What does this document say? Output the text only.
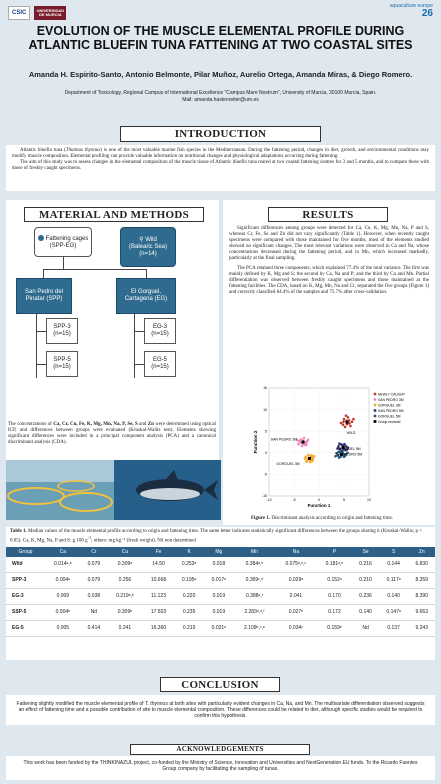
CSIC	UNIVERSIDAD DE MURCIA
aquaculture europe
26
EVOLUTION OF THE MUSCLE ELEMENTAL PROFILE DURING ATLANTIC BLUEFIN TUNA FATTENING AT TWO COASTAL SITES
Amanda H. Espirito-Santo, Antonio Belmonte, Pilar Muñoz, Aurelio Ortega, Amanda Miras, & Diego Romero.
Department of Toxicology, Regional Campus of International Excellence “Campus Mare Nostrum”, University of Murcia, 30100 Murcia, Spain.
Mail: amanda.hastenreiter@um.es
INTRODUCTION

Atlantic bluefin tuna (Thunnus thynnus) is one of the most valuable marine fish species in the Mediterranean. During the fattening period, changes in diet, growth, and environmental conditions may modify muscle composition. Elemental profiling can provide valuable information on nutritional changes and physiological adaptations occurring during fattening.

The aim of this study was to assess changes in the elemental composition of the muscle tissue of Atlantic bluefin tuna reared at two coastal fattening centres for 3 and 5 months, and to compare these with those of freshly caught specimens.

Fattening cages
(SPP-EG)
⚲ Wild
(Balearic Sea)
(n=14)
San Pedro del Pinatar (SPP)
El Gorguel, Cartagena (EG)
SPP-3
(n=15)
SPP-5
(n=15)
EG-3
(n=15)
EG-5
(n=15)
MATERIAL AND METHODS
The concentrations of Ca, Cr, Cu, Fe, K, Mg, Mn, Na, P, Se, S and Zn were determined using optical ICP, and differences between groups were evaluated (Kruskal-Wallis test). Elements showing significant differences were included in a principal component analysis (PCA) and a canonical discriminant analysis (CDA).

Significant differences among groups were detected for Ca, Cu, K, Mg, Mn, Na, P and S, whereas Cr, Fe, Se and Zn did not vary significantly (Table 1). However, when recently caught specimens were compared with those maintained for five months, most of the elements studied showed no significant changes. The most relevant variations were observed in Ca and Na, whose concentrations decreased during the fattening period, and in Mn, which increased markedly, particularly at the final sampling.

The PCA retained three components, which explained 77.4% of the total variance. The first was mainly defined by K, Mg and S; the second by Ca, Na and P; and the third by Cu and Mn. Partial differentiation was observed between freshly caught specimens and those maintained at the fattening facilities. The CDA, based on K, Mg, Mn, Na and Cr, separated the five groups (Figure 1) and correctly classified 84.4% of the samples and 75.7% after cross-validation.

-10	-5	0	5	10
-10
-5
0
5
10
15
Function 1
Function 2	WILD
SAN PEDRO 3M
GORGUEL 3M
GORGUEL 5M
SAN PEDRO 5M
NEWLY CAUGHT
SAN PEDRO 3M
GORGUEL 3M
SAN PEDRO 5M
GORGUEL 5M
Group centroid
Figure 1. Discriminant analysis according to origin and fattening time.
RESULTS
Table 1. Median values of the muscle elemental profile according to origin and fattening time. The same letter indicates statistically significant differences between the groups sharing it (Kruskal-Wallis; p < 0.05). Ca, K, Mg, Na, P and S: g 100 $g^{-1}$; others: mg kg⁻¹ (fresh weight). Nd non determined
Group	Ca	Cr	Cu	Fe	K	Mg	Mn	Na	P	Se	S	Zn
Wild	0.014ᵃ,ᵇ	0.079	0.309ᵃ	14.50	0.253ᵃ	0.018	0.384ᵃ,ᵇ	0.075ᵃ,ᵇ,ᶜ	0.181ᵃ,ᵇ	0.216	0.144	6.830
SPP-3	0.004ᵃ	0.079	0.256	10.668	0.195ᵃ	0.017ᵃ	0.369ᶜ,ᵈ	0.029ᵃ	0.152ᵃ	0.210	0.117ᵃ	8.359
EG-3	0.009	0.038	0.219ᵃ,ᵇ	11.123	0.220	0.019	0.388ᵉ,ᶠ	0.041	0.170	0.236	0.140	8.390
SSP-5	0.004ᵇ	Nd	0.309ᵇ	17.503	0.235	0.019	2.283ᵃ,ᵈ,ᶠ	0.027ᵇ	0.172	0.140	0.147ᵃ	9.663
EG-5	0.005	0.414	0.241	16.360	0.219	0.021ᵃ	2.109ᵇ,ᶜ,ᵉ	0.034ᶜ	0.159ᵇ	Nd	0.137	9.243
CONCLUSION
Fattening slightly modified the muscle elemental profile of T. thynnus at both sites with particularly evident changes in Ca, Na, and Mn. The multivariate differentiation observed suggests an effect of fattening time and a possible contribution of site to muscle elemental composition. These differences could be related to diet, although specific studies would be required to confirm this hypothesis.
ACKNOWLEDGEMENTS
This work has been funded by the THINKINAZUL project, co-funded by the Ministry of Science, Innovation and Universities and NextGeneration EU funds. To the Ricardo Fuentes Group company by facilitating the sampling of tunas.
